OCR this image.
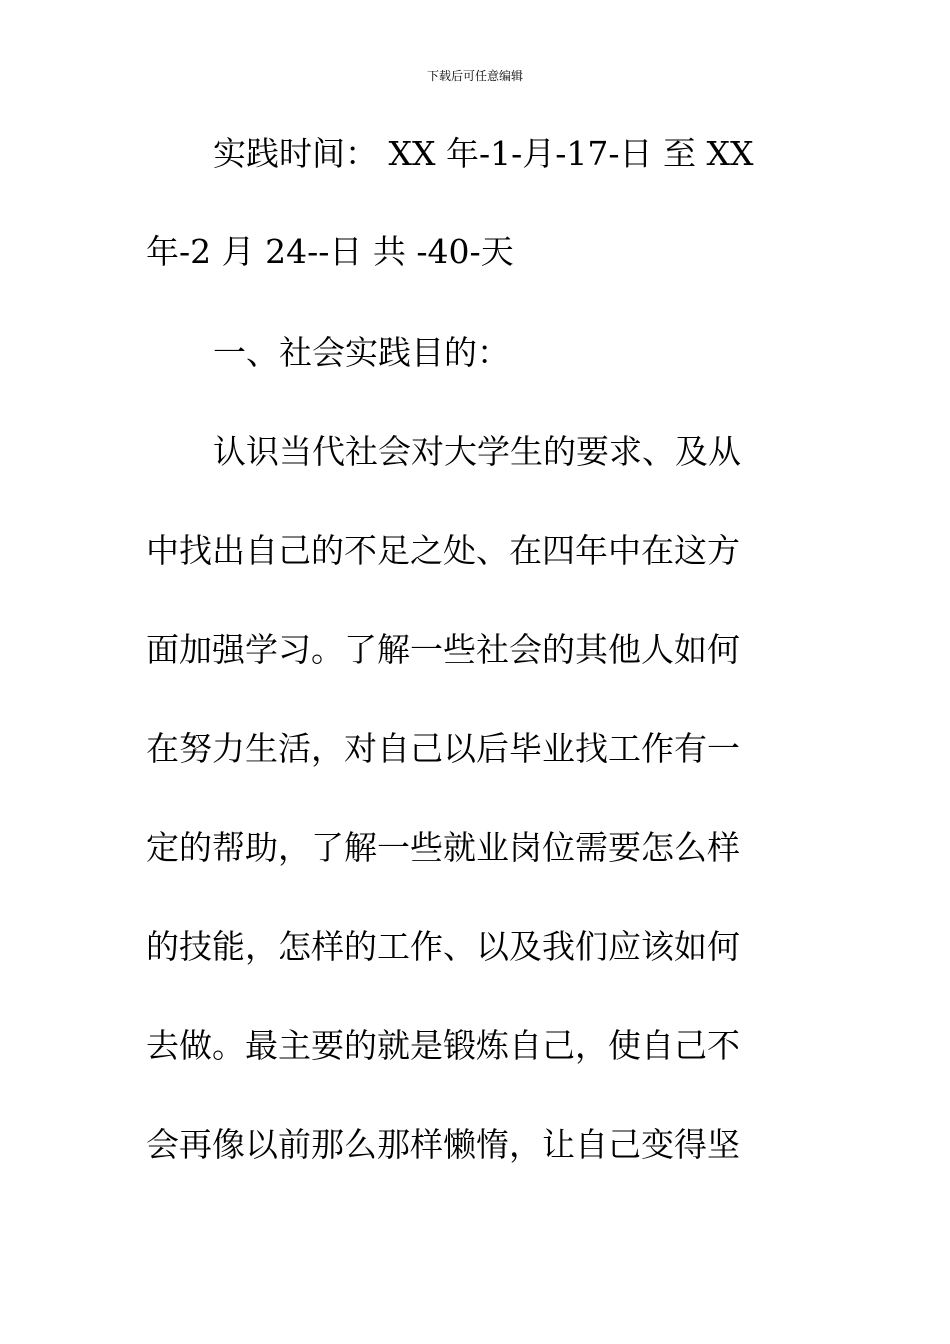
下载后可任意编辑
实践时间： XX 年-1-月-17-日 至 XX
年-2 月 24--日 共 -40-天
一、社会实践目的：
认识当代社会对大学生的要求、及从
中找出自己的不足之处、在四年中在这方
面加强学习。了解一些社会的其他人如何
在努力生活，对自己以后毕业找工作有一
定的帮助，了解一些就业岗位需要怎么样
的技能，怎样的工作、以及我们应该如何
去做。最主要的就是锻炼自己，使自己不
会再像以前那么那样懒惰，让自己变得坚
